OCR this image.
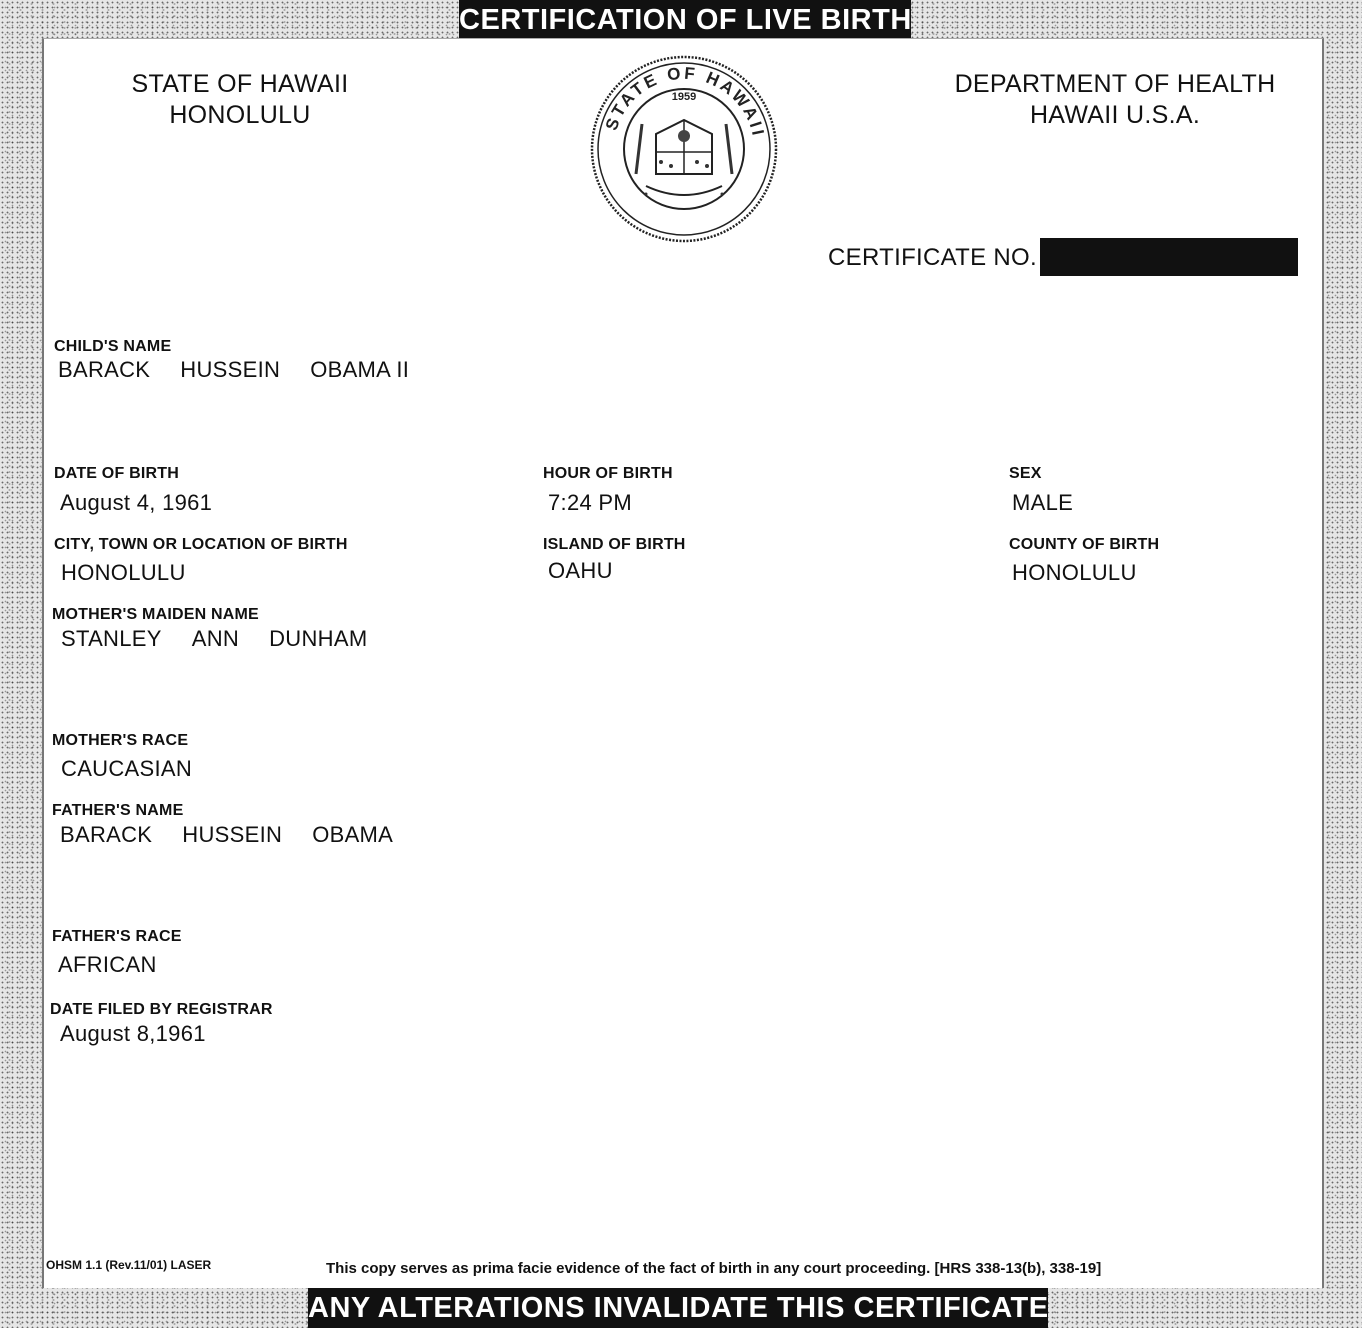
CERTIFICATION OF LIVE BIRTH
STATE OF HAWAII
HONOLULU
DEPARTMENT OF HEALTH
HAWAII U.S.A.
STATE OF HAWAII
1959
CERTIFICATE NO.
CHILD'S NAME
BARACK HUSSEIN OBAMA II
DATE OF BIRTH
August 4, 1961
HOUR OF BIRTH
7:24 PM
SEX
MALE
CITY, TOWN OR LOCATION OF BIRTH
HONOLULU
ISLAND OF BIRTH
OAHU
COUNTY OF BIRTH
HONOLULU
MOTHER'S MAIDEN NAME
STANLEY ANN DUNHAM
MOTHER'S RACE
CAUCASIAN
FATHER'S NAME
BARACK HUSSEIN OBAMA
FATHER'S RACE
AFRICAN
DATE FILED BY REGISTRAR
August 8,1961
OHSM 1.1 (Rev.11/01) LASER	This copy serves as prima facie evidence of the fact of birth in any court proceeding. [HRS 338-13(b), 338-19]
ANY ALTERATIONS INVALIDATE THIS CERTIFICATE
